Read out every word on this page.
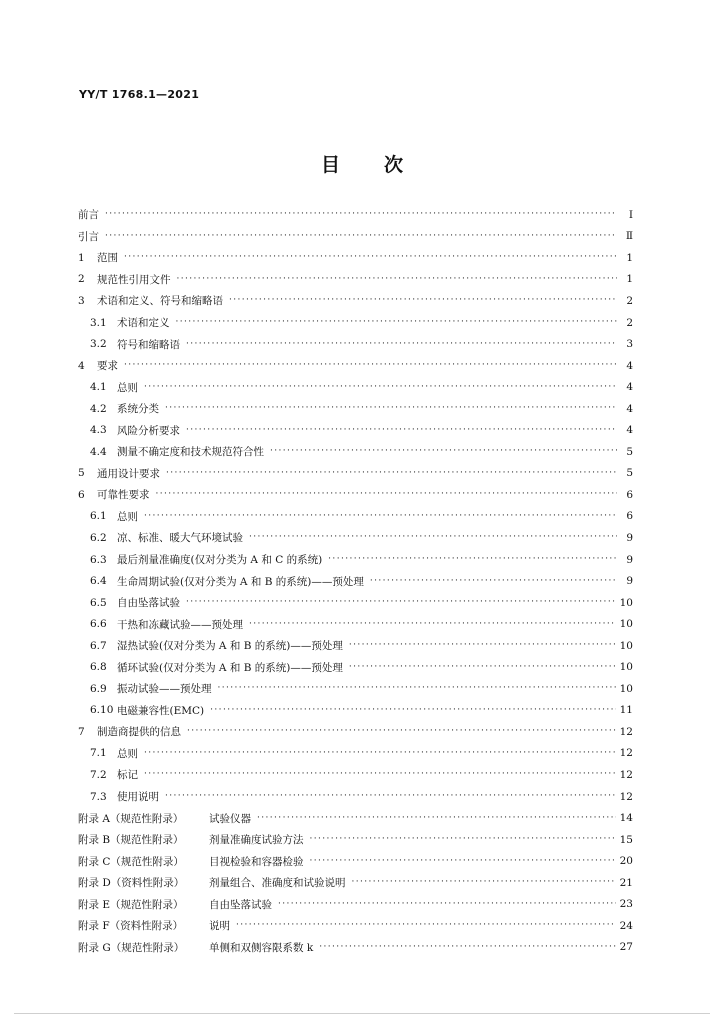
YY/T 1768.1—2021
目次
前言 ·····	Ⅰ
引言 ·····	Ⅱ
1	范围 ·····	1
2	规范性引用文件 ·····	1
3	术语和定义、符号和缩略语 ·····	2
3.1 术语和定义 ·····	2
3.2 符号和缩略语 ·····	3
4	要求 ·····	4
4.1 总则 ·····	4
4.2 系统分类 ·····	4
4.3 风险分析要求 ·····	4
4.4 测量不确定度和技术规范符合性 ·····	5
5	通用设计要求 ·····	5
6	可靠性要求 ·····	6
6.1 总则 ·····	6
6.2 凉、标准、暖大气环境试验 ·····	9
6.3 最后剂量准确度(仅对分类为 A 和 C 的系统) ·····	9
6.4 生命周期试验(仅对分类为 A 和 B 的系统)——预处理 ·····	9
6.5 自由坠落试验 ·····	10
6.6 干热和冻藏试验——预处理 ·····	10
6.7 湿热试验(仅对分类为 A 和 B 的系统)——预处理 ·····	10
6.8 循环试验(仅对分类为 A 和 B 的系统)——预处理 ·····	10
6.9 振动试验——预处理 ·····	10
6.10 电磁兼容性(EMC) ·····	11
7	制造商提供的信息 ·····	12
7.1 总则 ·····	12
7.2 标记 ·····	12
7.3 使用说明 ·····	12
附录 A（规范性附录）	试验仪器 ·····	14
附录 B（规范性附录）	剂量准确度试验方法 ·····	15
附录 C（规范性附录）	目视检验和容器检验 ·····	20
附录 D（资料性附录）	剂量组合、准确度和试验说明 ·····	21
附录 E（规范性附录）	自由坠落试验 ·····	23
附录 F（资料性附录）	说明 ·····	24
附录 G（规范性附录）	单侧和双侧容限系数 k ·····	27
